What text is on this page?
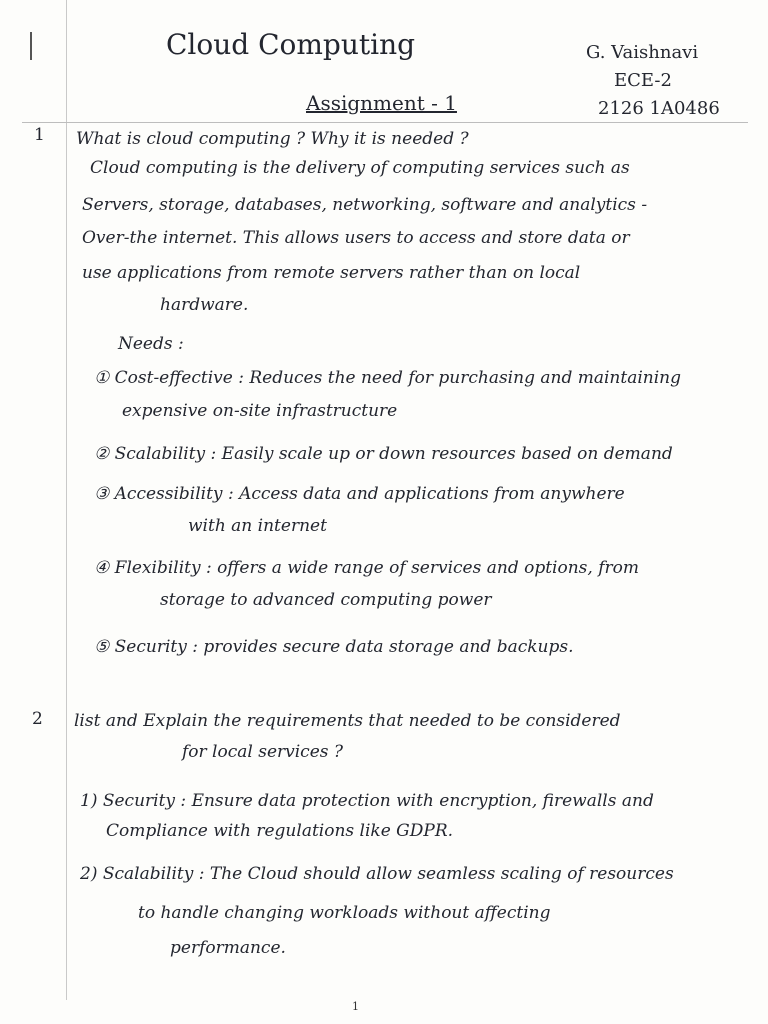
Cloud Computing
Assignment - 1
G. Vaishnavi
ECE-2
2126 1A0486
1 What is cloud computing ? Why it is needed ?
Cloud computing is the delivery of computing services such as
Servers, storage, databases, networking, software and analytics -
Over-the internet. This allows users to access and store data or
use applications from remote servers rather than on local
hardware.
Needs :
① Cost-effective : Reduces the need for purchasing and maintaining
expensive on-site infrastructure
② Scalability : Easily scale up or down resources based on demand
③ Accessibility : Access data and applications from anywhere
with an internet
④ Flexibility : offers a wide range of services and options, from
storage to advanced computing power
⑤ Security : provides secure data storage and backups.
2 list and Explain the requirements that needed to be considered
for local services ?
1) Security : Ensure data protection with encryption, firewalls and
Compliance with regulations like GDPR.
2) Scalability : The Cloud should allow seamless scaling of resources
to handle changing workloads without affecting
performance.
1
